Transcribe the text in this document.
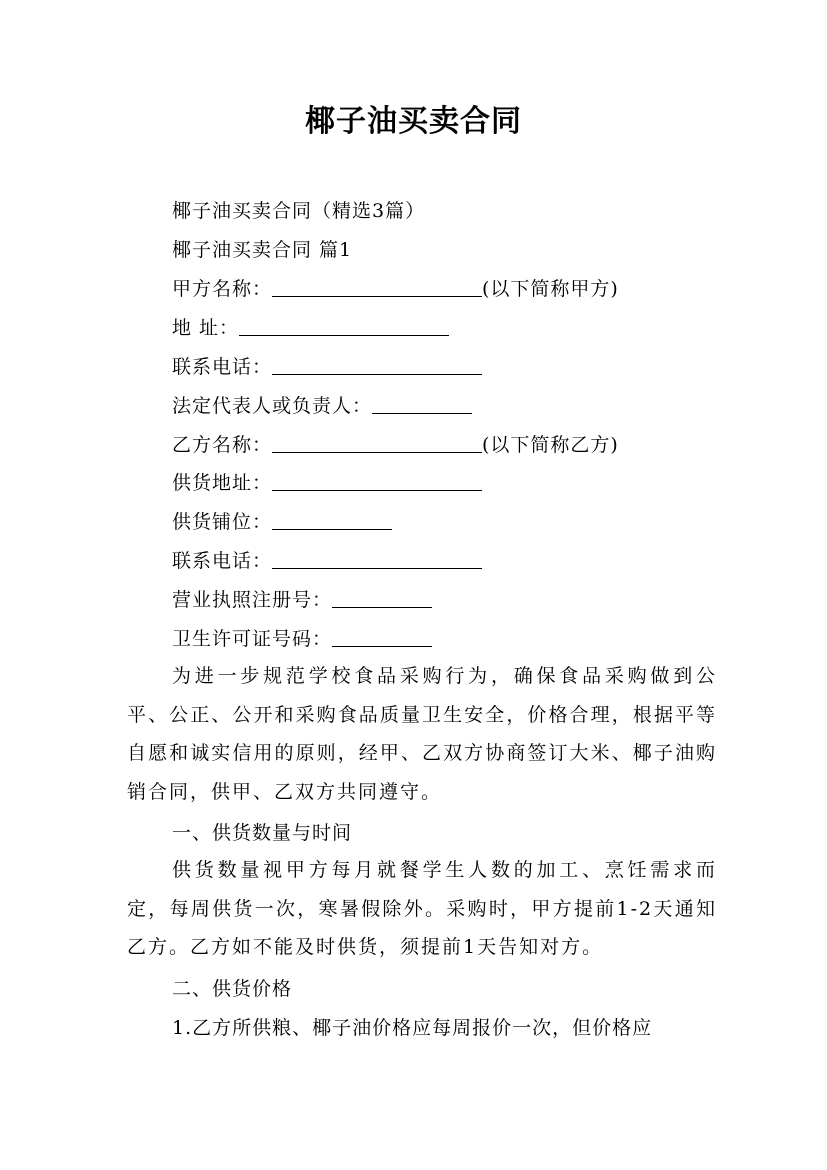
椰子油买卖合同
椰子油买卖合同（精选3篇）
椰子油买卖合同 篇1
甲方名称：	(以下简称甲方)
地 址：
联系电话：
法定代表人或负责人：
乙方名称：	(以下简称乙方)
供货地址：
供货铺位：
联系电话：
营业执照注册号：
卫生许可证号码：
为进一步规范学校食品采购行为，确保食品采购做到公平、公正、公开和采购食品质量卫生安全，价格合理，根据平等自愿和诚实信用的原则，经甲、乙双方协商签订大米、椰子油购销合同，供甲、乙双方共同遵守。
一、供货数量与时间
供货数量视甲方每月就餐学生人数的加工、烹饪需求而定，每周供货一次，寒暑假除外。采购时，甲方提前1-2天通知乙方。乙方如不能及时供货，须提前1天告知对方。
二、供货价格
1.乙方所供粮、椰子油价格应每周报价一次，但价格应
